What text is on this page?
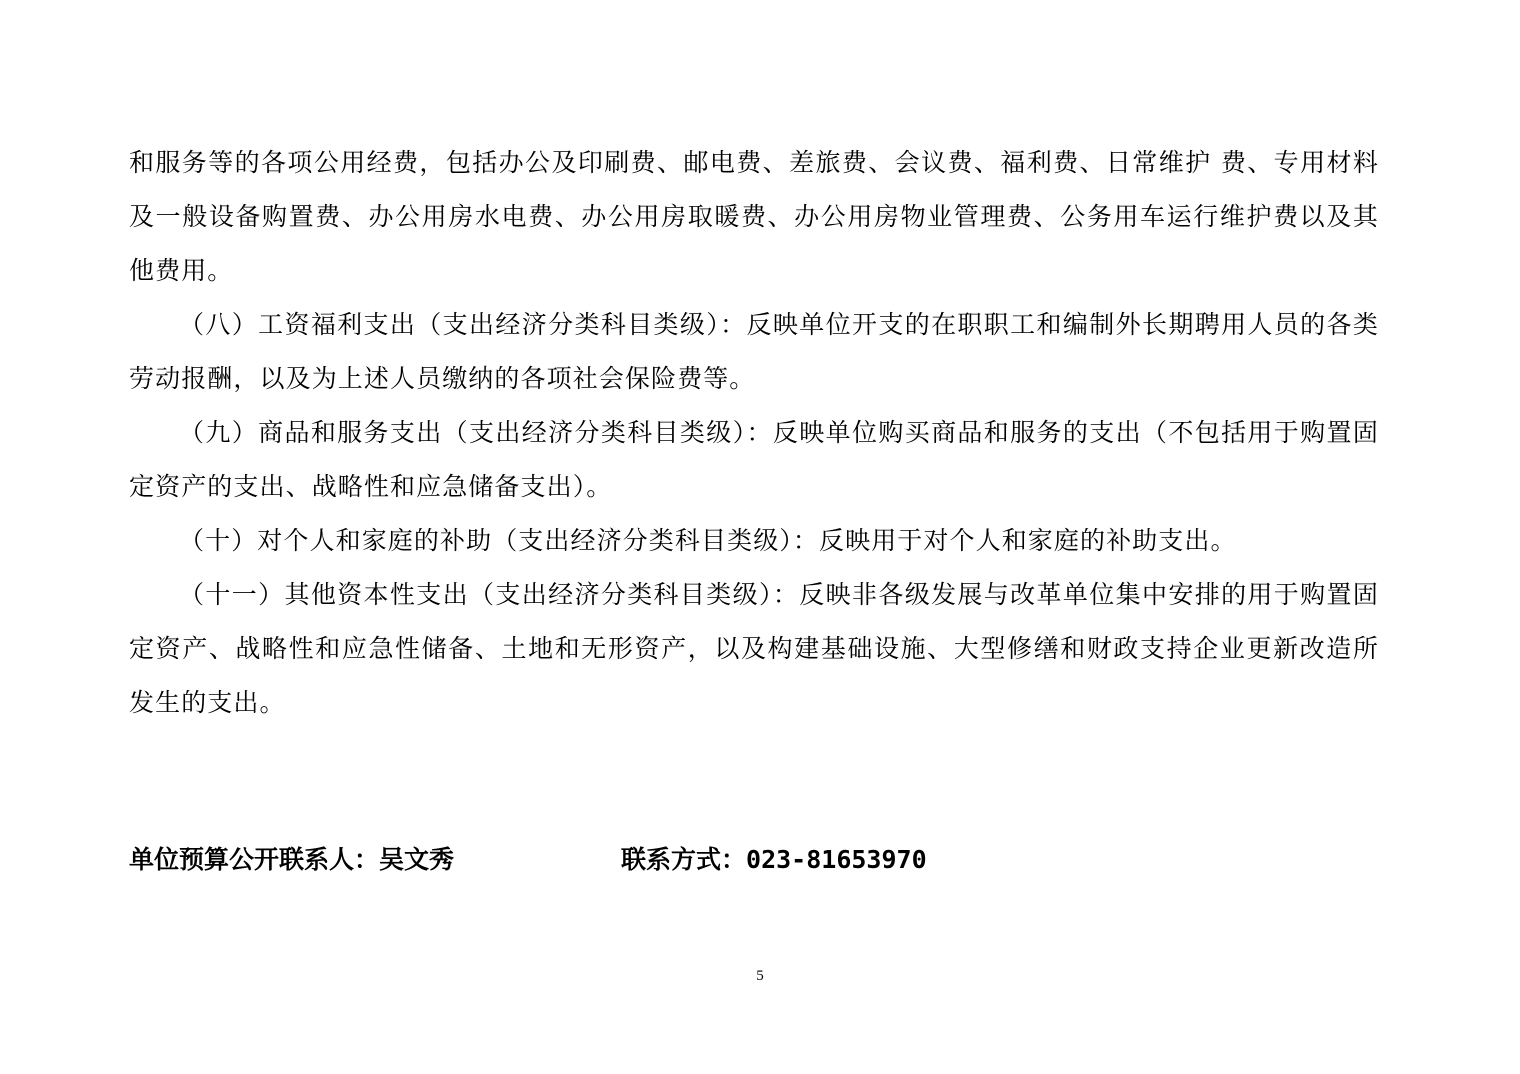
和服务等的各项公用经费，包括办公及印刷费、邮电费、差旅费、会议费、福利费、日常维护 费、专用材料及一般设备购置费、办公用房水电费、办公用房取暖费、办公用房物业管理费、公务用车运行维护费以及其他费用。

（八）工资福利支出（支出经济分类科目类级）：反映单位开支的在职职工和编制外长期聘用人员的各类劳动报酬，以及为上述人员缴纳的各项社会保险费等。

（九）商品和服务支出（支出经济分类科目类级）：反映单位购买商品和服务的支出（不包括用于购置固定资产的支出、战略性和应急储备支出）。

（十）对个人和家庭的补助（支出经济分类科目类级）：反映用于对个人和家庭的补助支出。

（十一）其他资本性支出（支出经济分类科目类级）：反映非各级发展与改革单位集中安排的用于购置固定资产、战略性和应急性储备、土地和无形资产，以及构建基础设施、大型修缮和财政支持企业更新改造所发生的支出。

单位预算公开联系人：吴文秀	联系方式：023-81653970
5
